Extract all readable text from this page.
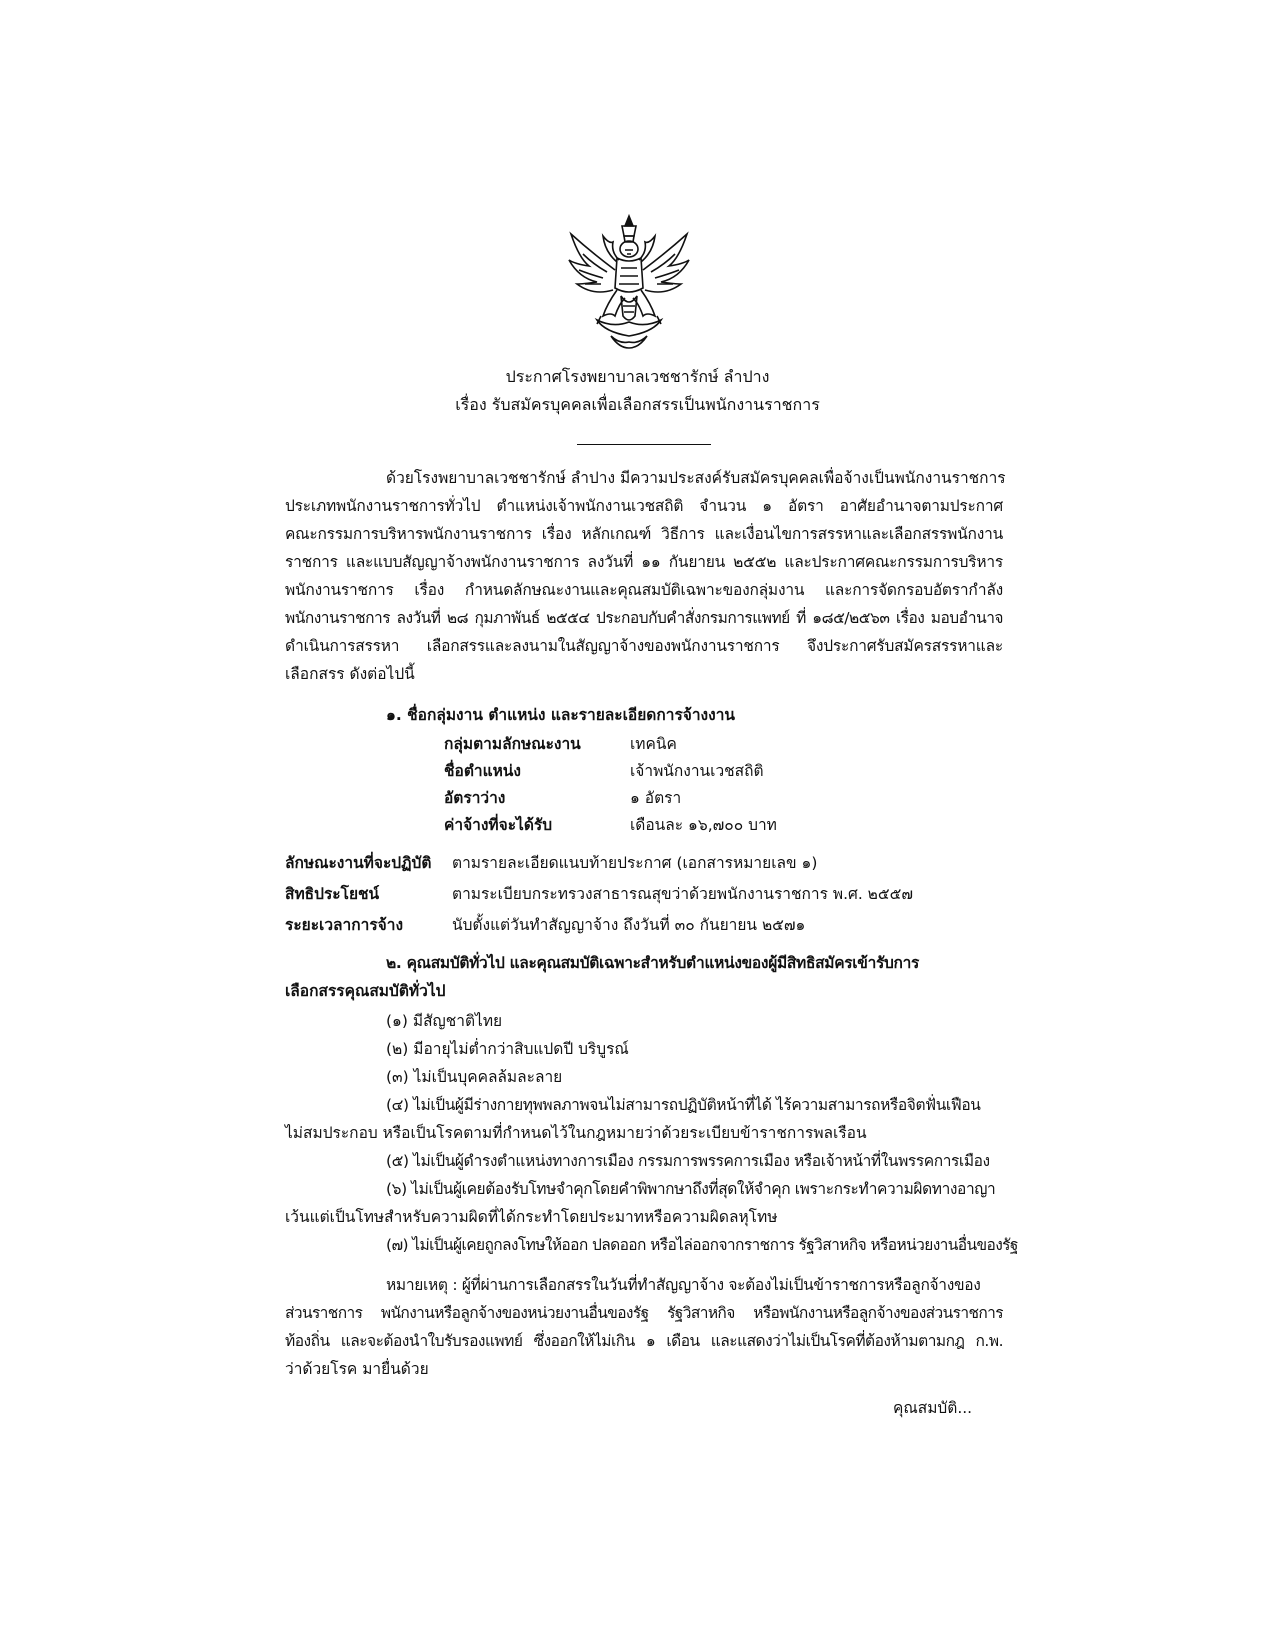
ประกาศโรงพยาบาลเวชชารักษ์ ลำปาง
เรื่อง รับสมัครบุคคลเพื่อเลือกสรรเป็นพนักงานราชการ
ด้วยโรงพยาบาลเวชชารักษ์ ลำปาง มีความประสงค์รับสมัครบุคคลเพื่อจ้างเป็นพนักงานราชการ
ประเภทพนักงานราชการทั่วไป ตำแหน่งเจ้าพนักงานเวชสถิติ จำนวน ๑ อัตรา อาศัยอำนาจตามประกาศ
คณะกรรมการบริหารพนักงานราชการ เรื่อง หลักเกณฑ์ วิธีการ และเงื่อนไขการสรรหาและเลือกสรรพนักงาน
ราชการ และแบบสัญญาจ้างพนักงานราชการ ลงวันที่ ๑๑ กันยายน ๒๕๕๒ และประกาศคณะกรรมการบริหาร
พนักงานราชการ เรื่อง กำหนดลักษณะงานและคุณสมบัติเฉพาะของกลุ่มงาน และการจัดกรอบอัตรากำลัง
พนักงานราชการ ลงวันที่ ๒๘ กุมภาพันธ์ ๒๕๕๔ ประกอบกับคำสั่งกรมการแพทย์ ที่ ๑๘๕/๒๕๖๓ เรื่อง มอบอำนาจ
ดำเนินการสรรหา เลือกสรรและลงนามในสัญญาจ้างของพนักงานราชการ จึงประกาศรับสมัครสรรหาและ
เลือกสรร ดังต่อไปนี้
๑. ชื่อกลุ่มงาน ตำแหน่ง และรายละเอียดการจ้างงาน
กลุ่มตามลักษณะงาน	เทคนิค
ชื่อตำแหน่ง	เจ้าพนักงานเวชสถิติ
อัตราว่าง	๑ อัตรา
ค่าจ้างที่จะได้รับ	เดือนละ ๑๖,๗๐๐ บาท
ลักษณะงานที่จะปฏิบัติ ตามรายละเอียดแนบท้ายประกาศ (เอกสารหมายเลข ๑)
สิทธิประโยชน์	ตามระเบียบกระทรวงสาธารณสุขว่าด้วยพนักงานราชการ พ.ศ. ๒๕๕๗
ระยะเวลาการจ้าง	นับตั้งแต่วันทำสัญญาจ้าง ถึงวันที่ ๓๐ กันยายน ๒๕๗๑
๒. คุณสมบัติทั่วไป และคุณสมบัติเฉพาะสำหรับตำแหน่งของผู้มีสิทธิสมัครเข้ารับการ
เลือกสรรคุณสมบัติทั่วไป
(๑) มีสัญชาติไทย
(๒) มีอายุไม่ต่ำกว่าสิบแปดปี บริบูรณ์
(๓) ไม่เป็นบุคคลล้มละลาย
(๔) ไม่เป็นผู้มีร่างกายทุพพลภาพจนไม่สามารถปฏิบัติหน้าที่ได้ ไร้ความสามารถหรือจิตฟั่นเฟือน
ไม่สมประกอบ หรือเป็นโรคตามที่กำหนดไว้ในกฎหมายว่าด้วยระเบียบข้าราชการพลเรือน
(๕) ไม่เป็นผู้ดำรงตำแหน่งทางการเมือง กรรมการพรรคการเมือง หรือเจ้าหน้าที่ในพรรคการเมือง
(๖) ไม่เป็นผู้เคยต้องรับโทษจำคุกโดยคำพิพากษาถึงที่สุดให้จำคุก เพราะกระทำความผิดทางอาญา
เว้นแต่เป็นโทษสำหรับความผิดที่ได้กระทำโดยประมาทหรือความผิดลหุโทษ
(๗) ไม่เป็นผู้เคยถูกลงโทษให้ออก ปลดออก หรือไล่ออกจากราชการ รัฐวิสาหกิจ หรือหน่วยงานอื่นของรัฐ
หมายเหตุ : ผู้ที่ผ่านการเลือกสรรในวันที่ทำสัญญาจ้าง จะต้องไม่เป็นข้าราชการหรือลูกจ้างของ
ส่วนราชการ พนักงานหรือลูกจ้างของหน่วยงานอื่นของรัฐ รัฐวิสาหกิจ หรือพนักงานหรือลูกจ้างของส่วนราชการ
ท้องถิ่น และจะต้องนำใบรับรองแพทย์ ซึ่งออกให้ไม่เกิน ๑ เดือน และแสดงว่าไม่เป็นโรคที่ต้องห้ามตามกฎ ก.พ.
ว่าด้วยโรค มายื่นด้วย
คุณสมบัติ...
